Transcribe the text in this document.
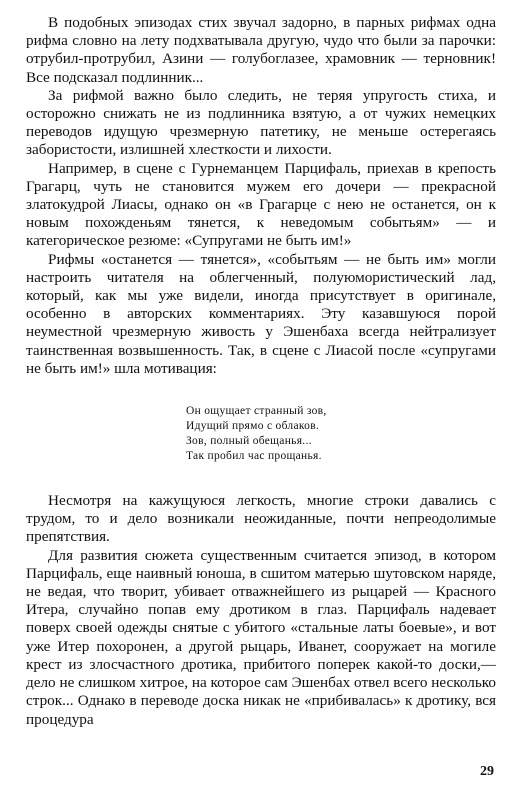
В подобных эпизодах стих звучал задорно, в парных рифмах одна рифма словно на лету подхватывала другую, чудо что были за парочки: отрубил-протрубил, Азини — голубоглазее, храмовник — терновник! Все подсказал подлинник...

За рифмой важно было следить, не теряя упругость стиха, и осторожно снижать не из подлинника взятую, а от чужих немецких переводов идущую чрезмерную патетику, не меньше остерегаясь забористости, излишней хлесткости и лихости.

Например, в сцене с Гурнеманцем Парцифаль, приехав в крепость Грагарц, чуть не становится мужем его дочери — прекрасной златокудрой Лиасы, однако он «в Грагарце с нею не останется, он к новым похожденьям тянется, к неведомым событьям» — и категорическое резюме: «Супругами не быть им!»

Рифмы «останется — тянется», «событьям — не быть им» могли настроить читателя на облегченный, полуюмористический лад, который, как мы уже видели, иногда присутствует в оригинале, особенно в авторских комментариях. Эту казавшуюся порой неуместной чрезмерную живость у Эшенбаха всегда нейтрализует таинственная возвышенность. Так, в сцене с Лиасой после «супругами не быть им!» шла мотивация:

Он ощущает странный зов,
Идущий прямо с облаков.
Зов, полный обещанья...
Так пробил час прощанья.

Несмотря на кажущуюся легкость, многие строки давались с трудом, то и дело возникали неожиданные, почти непреодолимые препятствия.

Для развития сюжета существенным считается эпизод, в котором Парцифаль, еще наивный юноша, в сшитом матерью шутовском наряде, не ведая, что творит, убивает отважнейшего из рыцарей — Красного Итера, случайно попав ему дротиком в глаз. Парцифаль надевает поверх своей одежды снятые с убитого «стальные латы боевые», и вот уже Итер похоронен, а другой рыцарь, Иванет, сооружает на могиле крест из злосчастного дротика, прибитого поперек какой-то доски,— дело не слишком хитрое, на которое сам Эшенбах отвел всего несколько строк... Однако в переводе доска никак не «прибивалась» к дротику, вся процедура

29
